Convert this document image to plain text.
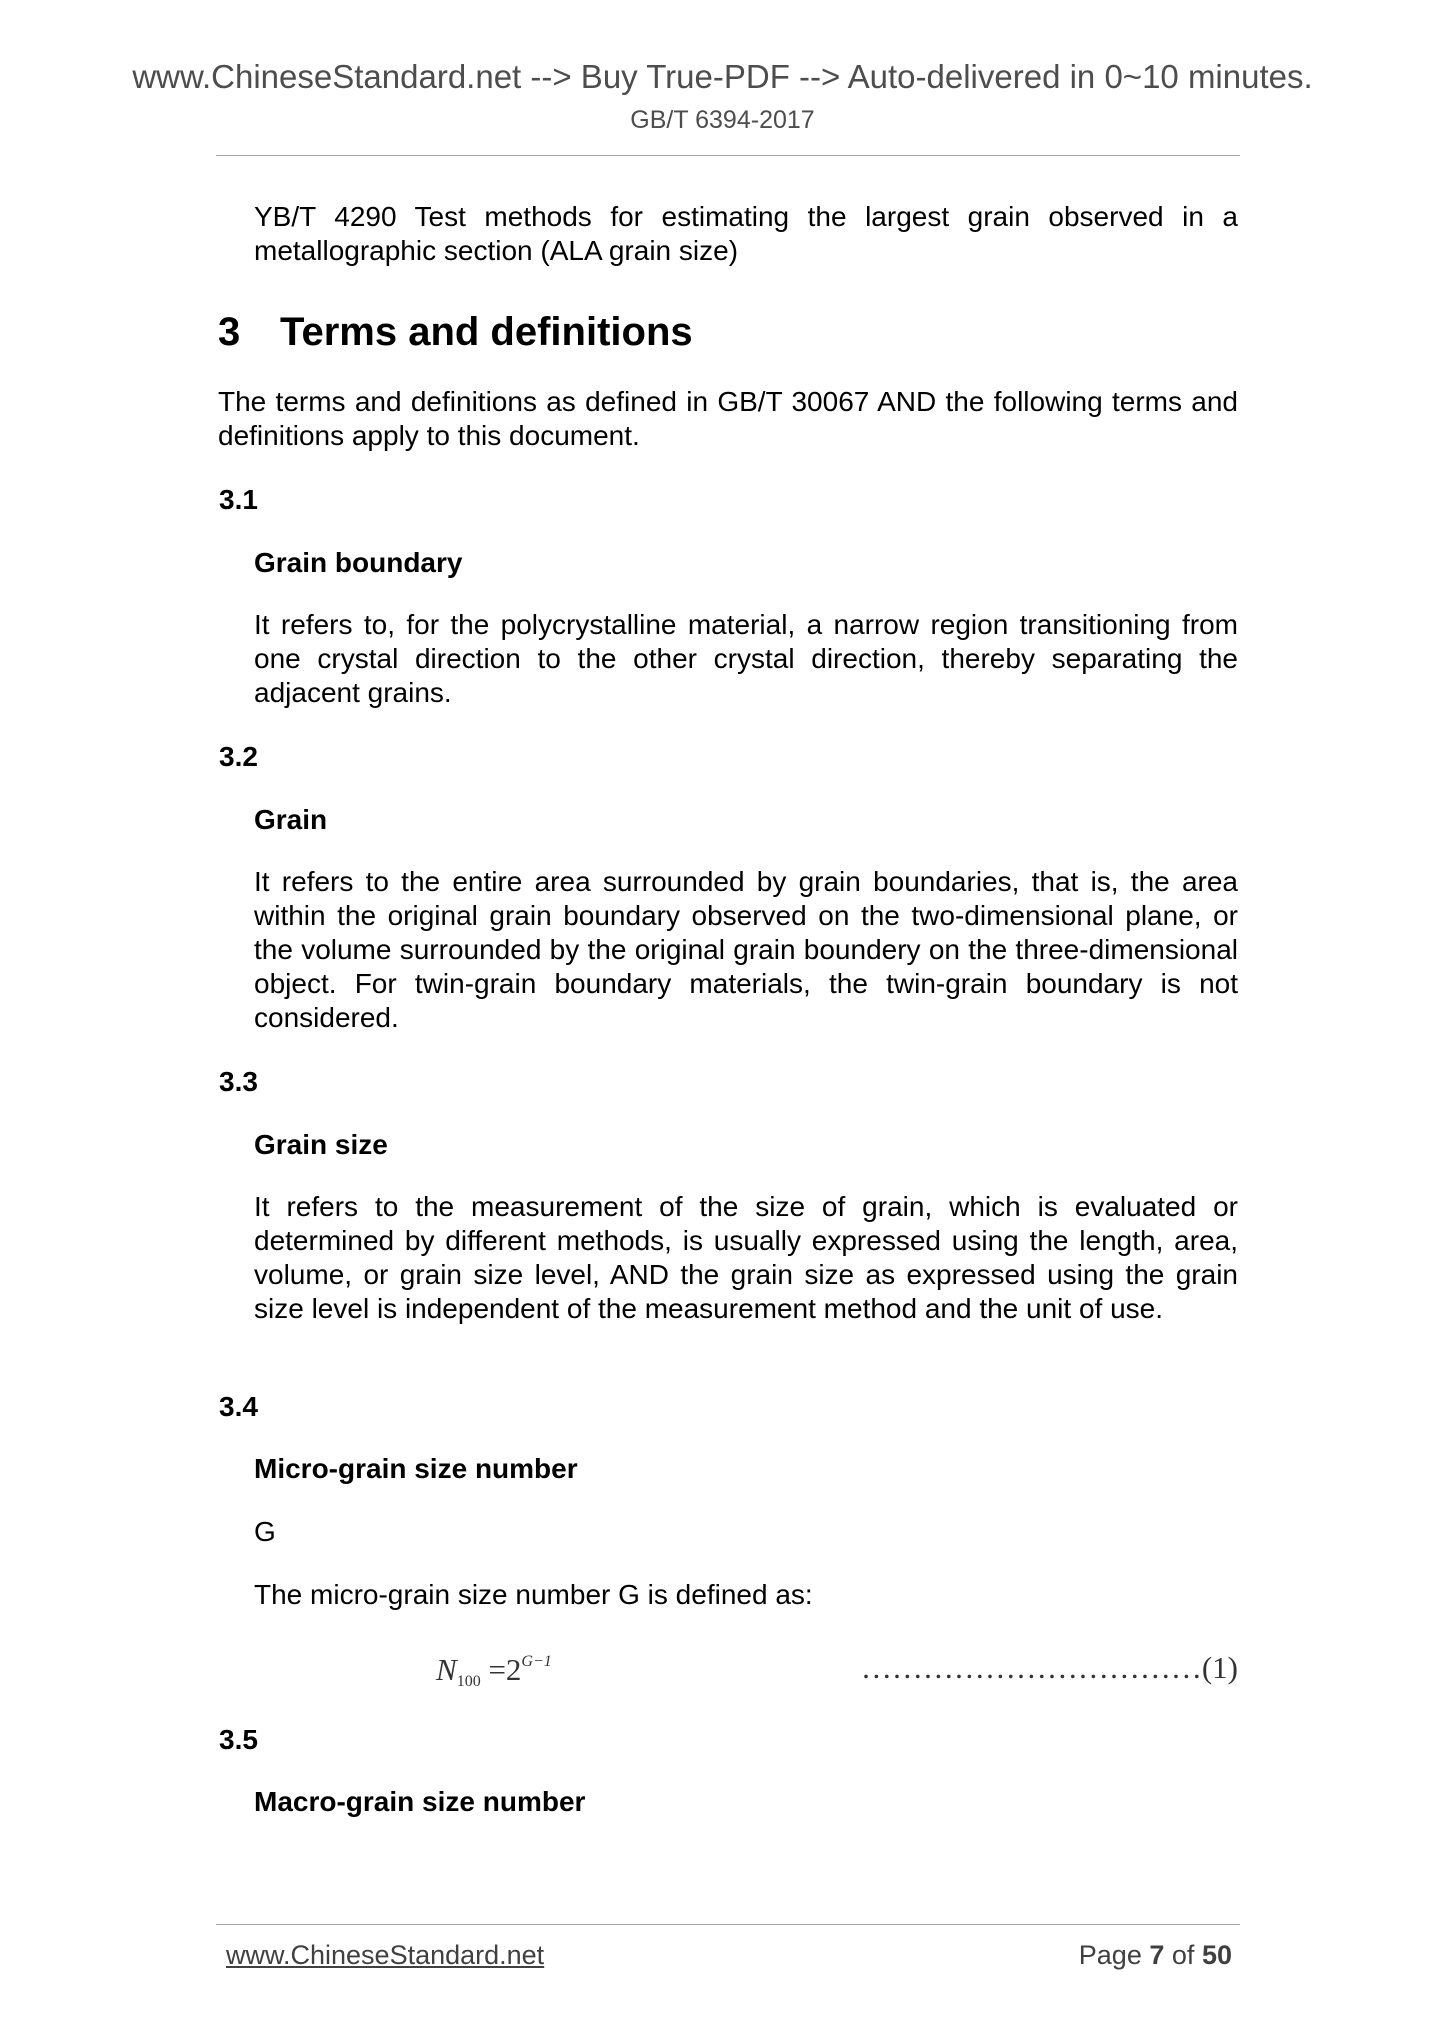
www.ChineseStandard.net --> Buy True-PDF --> Auto-delivered in 0~10 minutes.
GB/T 6394-2017
YB/T 4290 Test methods for estimating the largest grain observed in a metallographic section (ALA grain size)
3 Terms and definitions
The terms and definitions as defined in GB/T 30067 AND the following terms and definitions apply to this document.
3.1
Grain boundary
It refers to, for the polycrystalline material, a narrow region transitioning from one crystal direction to the other crystal direction, thereby separating the adjacent grains.
3.2
Grain
It refers to the entire area surrounded by grain boundaries, that is, the area within the original grain boundary observed on the two-dimensional plane, or the volume surrounded by the original grain boundery on the three-dimensional object. For twin-grain boundary materials, the twin-grain boundary is not considered.
3.3
Grain size
It refers to the measurement of the size of grain, which is evaluated or determined by different methods, is usually expressed using the length, area, volume, or grain size level, AND the grain size as expressed using the grain size level is independent of the measurement method and the unit of use.
3.4
Micro-grain size number
G
The micro-grain size number G is defined as:
$N_{100} =2^{G-1}$	……………………………(1)
3.5
Macro-grain size number
www.ChineseStandard.net	Page 7 of 50
